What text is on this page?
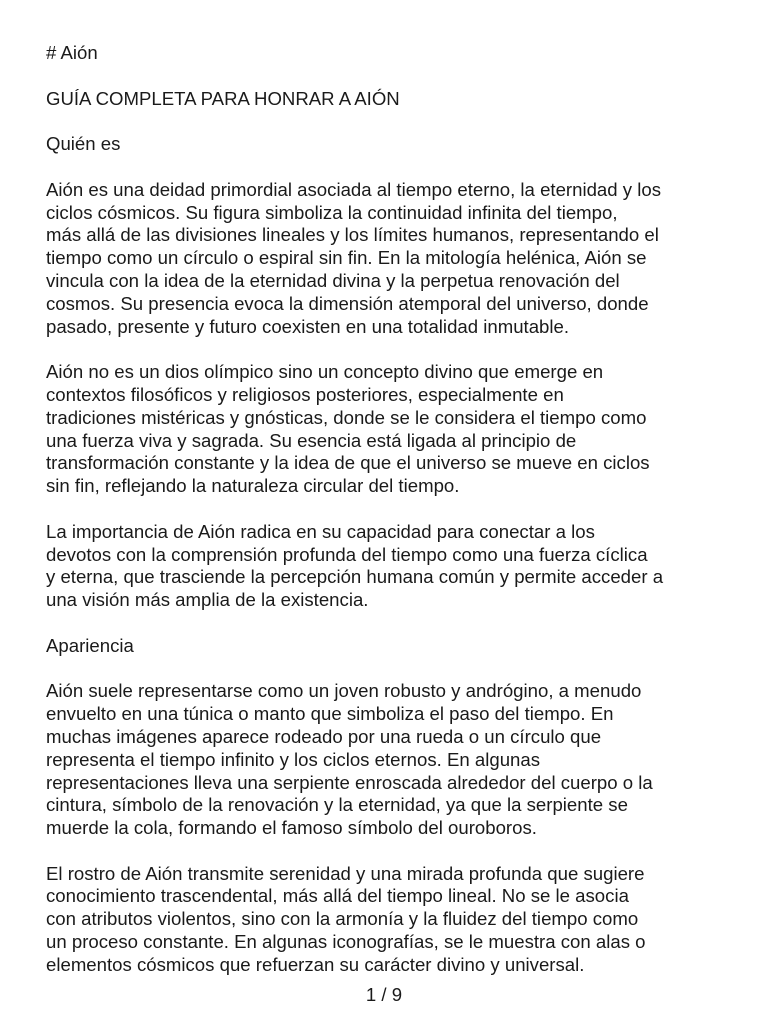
# Aión

GUÍA COMPLETA PARA HONRAR A AIÓN

Quién es

Aión es una deidad primordial asociada al tiempo eterno, la eternidad y los
ciclos cósmicos. Su figura simboliza la continuidad infinita del tiempo,
más allá de las divisiones lineales y los límites humanos, representando el
tiempo como un círculo o espiral sin fin. En la mitología helénica, Aión se
vincula con la idea de la eternidad divina y la perpetua renovación del
cosmos. Su presencia evoca la dimensión atemporal del universo, donde
pasado, presente y futuro coexisten en una totalidad inmutable.

Aión no es un dios olímpico sino un concepto divino que emerge en
contextos filosóficos y religiosos posteriores, especialmente en
tradiciones mistéricas y gnósticas, donde se le considera el tiempo como
una fuerza viva y sagrada. Su esencia está ligada al principio de
transformación constante y la idea de que el universo se mueve en ciclos
sin fin, reflejando la naturaleza circular del tiempo.

La importancia de Aión radica en su capacidad para conectar a los
devotos con la comprensión profunda del tiempo como una fuerza cíclica
y eterna, que trasciende la percepción humana común y permite acceder a
una visión más amplia de la existencia.

Apariencia

Aión suele representarse como un joven robusto y andrógino, a menudo
envuelto en una túnica o manto que simboliza el paso del tiempo. En
muchas imágenes aparece rodeado por una rueda o un círculo que
representa el tiempo infinito y los ciclos eternos. En algunas
representaciones lleva una serpiente enroscada alrededor del cuerpo o la
cintura, símbolo de la renovación y la eternidad, ya que la serpiente se
muerde la cola, formando el famoso símbolo del ouroboros.

El rostro de Aión transmite serenidad y una mirada profunda que sugiere
conocimiento trascendental, más allá del tiempo lineal. No se le asocia
con atributos violentos, sino con la armonía y la fluidez del tiempo como
un proceso constante. En algunas iconografías, se le muestra con alas o
elementos cósmicos que refuerzan su carácter divino y universal.

1 / 9
